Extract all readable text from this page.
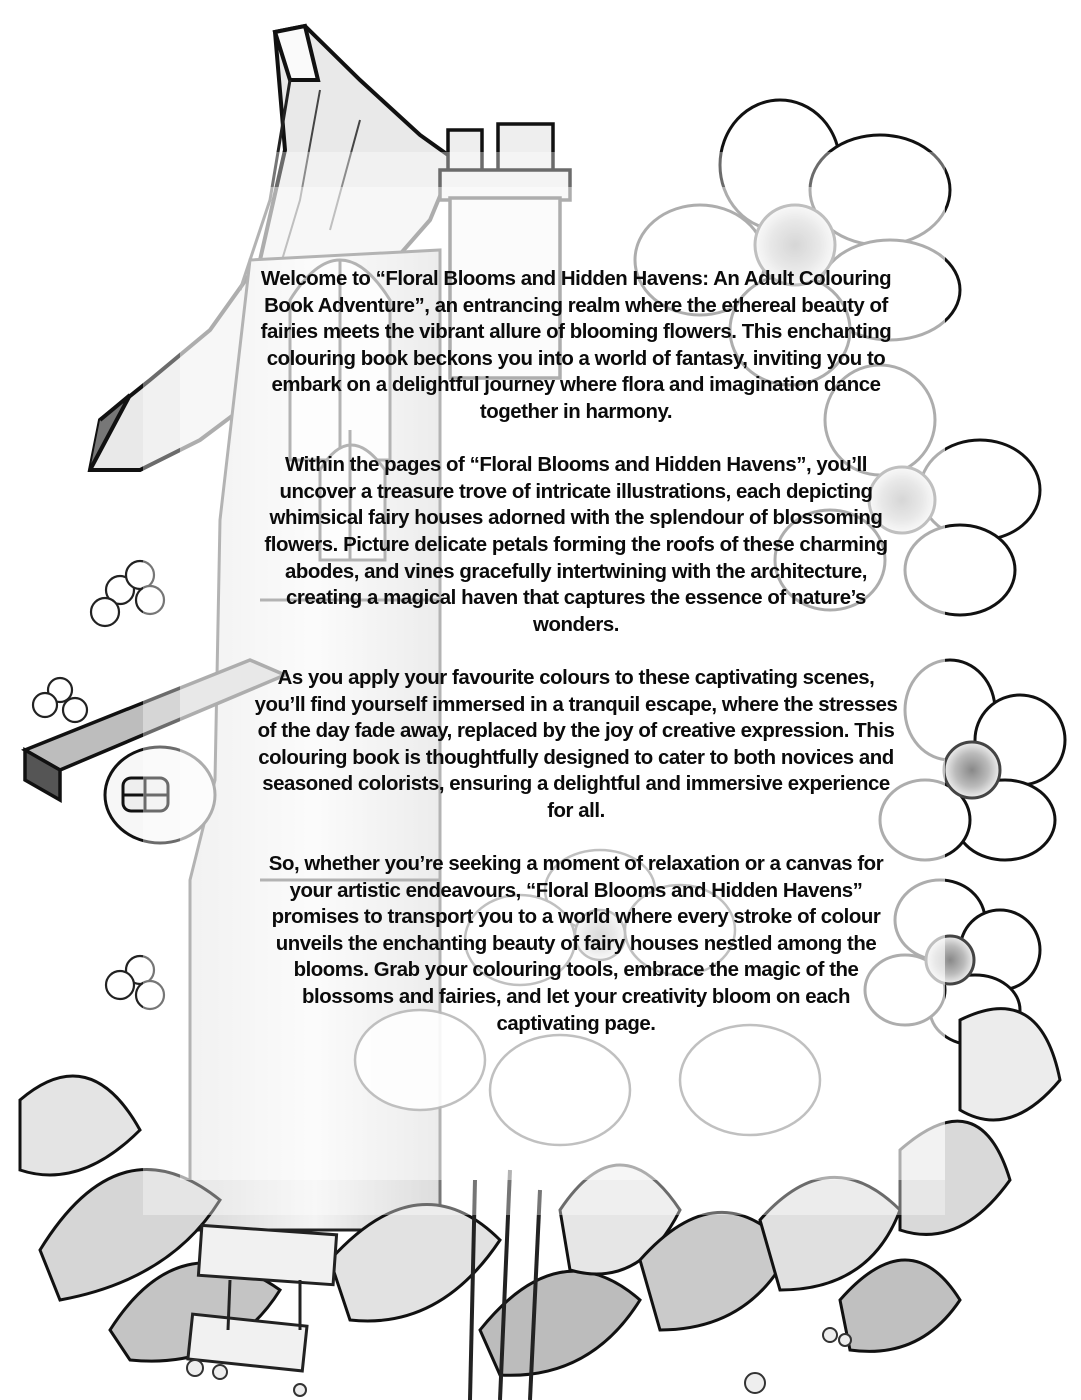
Welcome to “Floral Blooms and Hidden Havens: An Adult Colouring Book Adventure”, an entrancing realm where the ethereal beauty of fairies meets the vibrant allure of blooming flowers. This enchanting colouring book beckons you into a world of fantasy, inviting you to embark on a delightful journey where flora and imagination dance together in harmony.

Within the pages of “Floral Blooms and Hidden Havens”, you’ll uncover a treasure trove of intricate illustrations, each depicting whimsical fairy houses adorned with the splendour of blossoming flowers. Picture delicate petals forming the roofs of these charming abodes, and vines gracefully intertwining with the architecture, creating a magical haven that captures the essence of nature’s wonders.

As you apply your favourite colours to these captivating scenes, you’ll find yourself immersed in a tranquil escape, where the stresses of the day fade away, replaced by the joy of creative expression. This colouring book is thoughtfully designed to cater to both novices and seasoned colorists, ensuring a delightful and immersive experience for all.

So, whether you’re seeking a moment of relaxation or a canvas for your artistic endeavours, “Floral Blooms and Hidden Havens” promises to transport you to a world where every stroke of colour unveils the enchanting beauty of fairy houses nestled among the blooms. Grab your colouring tools, embrace the magic of the blossoms and fairies, and let your creativity bloom on each captivating page.
